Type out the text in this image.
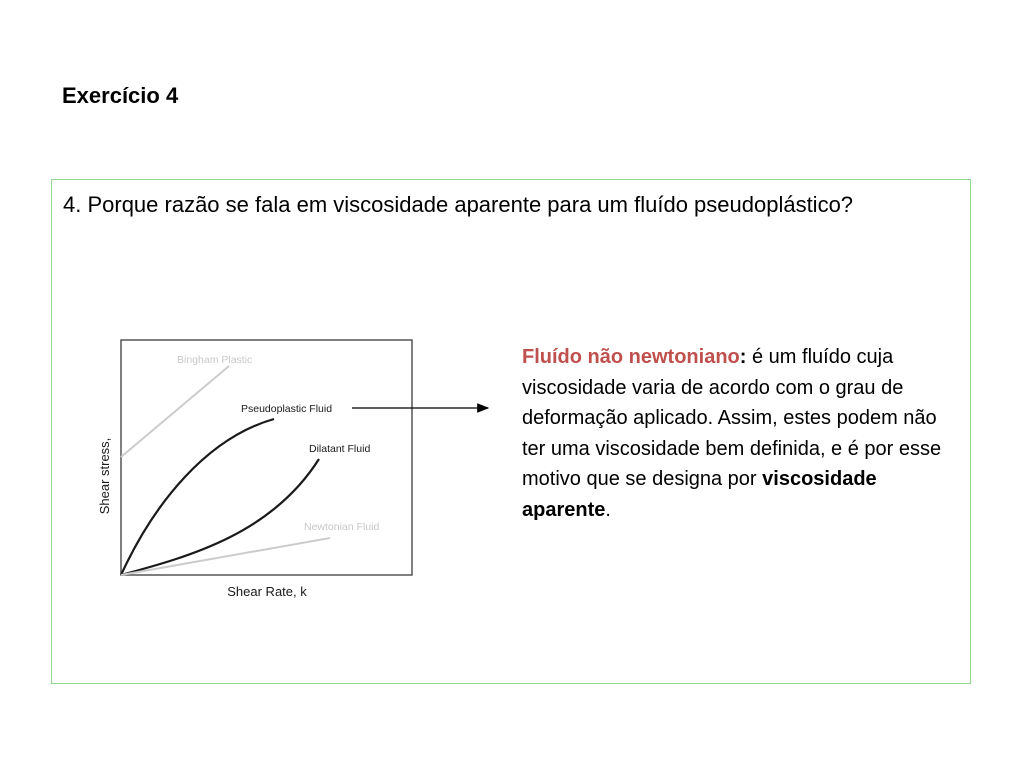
Exercício 4

4. Porque razão se fala em viscosidade aparente para um fluído pseudoplástico?

Bingham Plastic
Pseudoplastic Fluid
Dilatant Fluid
Newtonian Fluid
Shear Rate, k
Shear stress,

Fluído não newtoniano: é um fluído cuja viscosidade varia de acordo com o grau de deformação aplicado. Assim, estes podem não ter uma viscosidade bem definida, e é por esse motivo que se designa por viscosidade aparente.
